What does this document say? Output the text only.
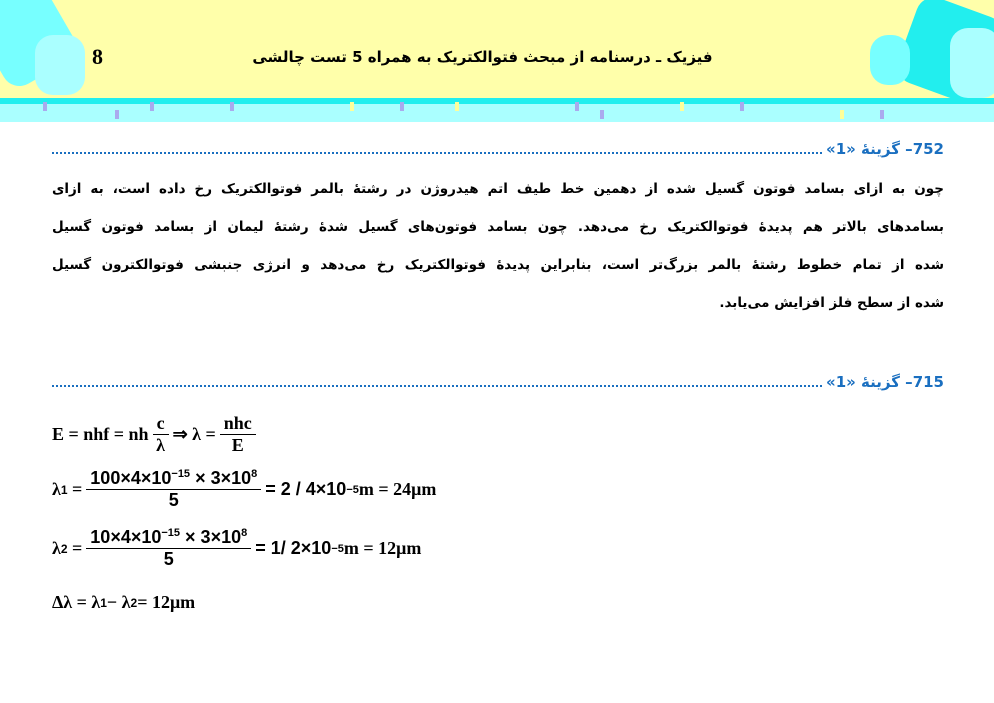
8	فیزیک ـ درسنامه از مبحث فتوالکتریک به همراه 5 تست چالشی
752– گزینهٔ «1»
چون به ازای بسامد فوتون گسیل شده از دهمین خط طیف اتم هیدروژن در رشتهٔ بالمر فوتوالکتریک رخ داده است، به ازای
بسامدهای بالاتر هم پدیدهٔ فوتوالکتریک رخ می‌دهد. چون بسامد فوتون‌های گسیل شدهٔ رشتهٔ لیمان از بسامد فوتون گسیل
شده از تمام خطوط رشتهٔ بالمر بزرگ‌تر است، بنابراین پدیدهٔ فوتوالکتریک رخ می‌دهد و انرژی جنبشی فوتوالکترون گسیل
شده از سطح فلز افزایش می‌یابد.
715– گزینهٔ «1»
E = nhf = nh $\frac{c}{\lambda}$ ⇒ $\lambda = \frac{\text{nhc}}{E}$
λ $1 = \frac{100\times 4\times 10^{-15} \times 3\times 10^8}{5} = 2 / 4\times 10 -5$ m = 24μm
λ $2 = \frac{10\times 4\times 10^{-15} \times 3\times 10^8}{5} = 1/$ 2×10 −5 m = 12μm
Δλ = λ 1 − λ 2 = 12μm
